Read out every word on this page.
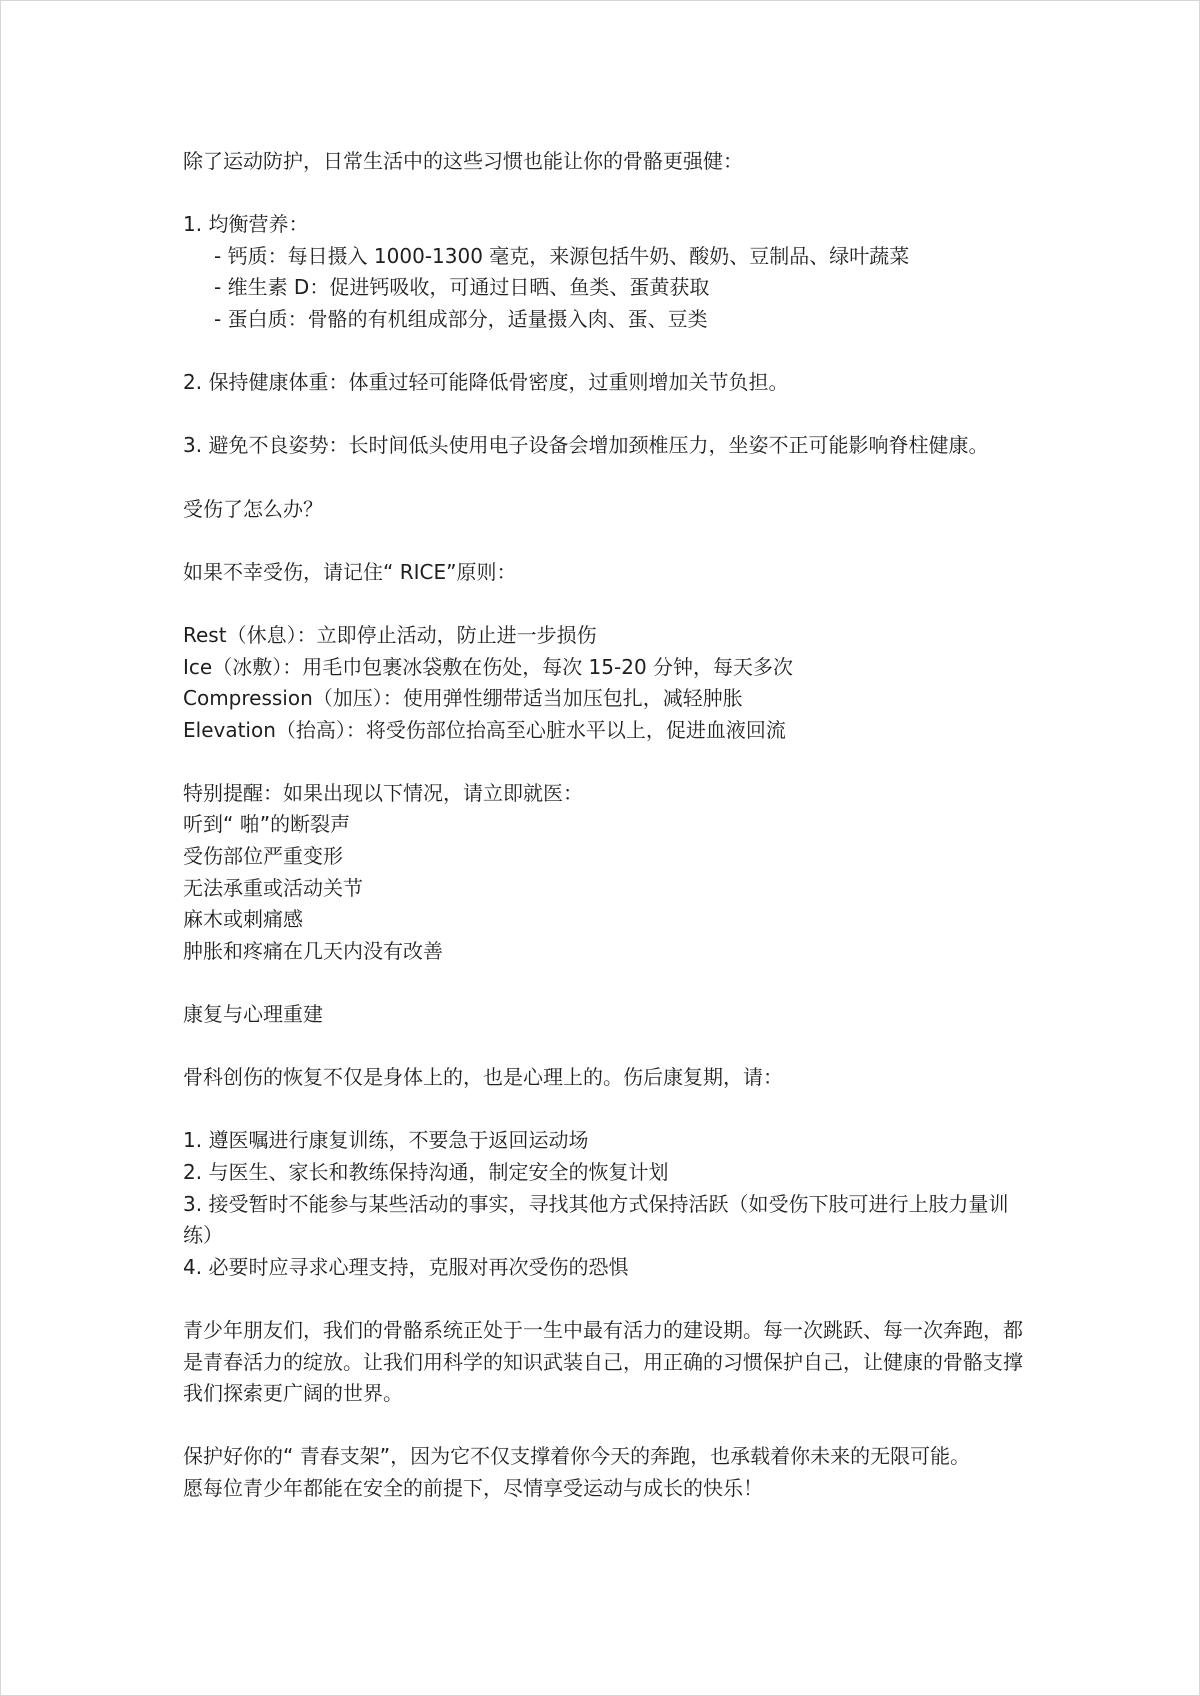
除了运动防护，日常生活中的这些习惯也能让你的骨骼更强健：
1. 均衡营养：
- 钙质：每日摄入 1000-1300 毫克，来源包括牛奶、酸奶、豆制品、绿叶蔬菜
- 维生素 D：促进钙吸收，可通过日晒、鱼类、蛋黄获取
- 蛋白质：骨骼的有机组成部分，适量摄入肉、蛋、豆类
2. 保持健康体重：体重过轻可能降低骨密度，过重则增加关节负担。
3. 避免不良姿势：长时间低头使用电子设备会增加颈椎压力，坐姿不正可能影响脊柱健康。
受伤了怎么办？
如果不幸受伤，请记住“ RICE”原则：
Rest（休息）：立即停止活动，防止进一步损伤
Ice（冰敷）：用毛巾包裹冰袋敷在伤处，每次 15-20 分钟，每天多次
Compression（加压）：使用弹性绷带适当加压包扎，减轻肿胀
Elevation（抬高）：将受伤部位抬高至心脏水平以上，促进血液回流
特别提醒：如果出现以下情况，请立即就医：
听到“ 啪”的断裂声
受伤部位严重变形
无法承重或活动关节
麻木或刺痛感
肿胀和疼痛在几天内没有改善
康复与心理重建
骨科创伤的恢复不仅是身体上的，也是心理上的。伤后康复期，请：
1. 遵医嘱进行康复训练，不要急于返回运动场
2. 与医生、家长和教练保持沟通，制定安全的恢复计划
3. 接受暂时不能参与某些活动的事实，寻找其他方式保持活跃（如受伤下肢可进行上肢力量训练）
4. 必要时应寻求心理支持，克服对再次受伤的恐惧
青少年朋友们，我们的骨骼系统正处于一生中最有活力的建设期。每一次跳跃、每一次奔跑，都是青春活力的绽放。让我们用科学的知识武装自己，用正确的习惯保护自己，让健康的骨骼支撑我们探索更广阔的世界。
保护好你的“ 青春支架”，因为它不仅支撑着你今天的奔跑，也承载着你未来的无限可能。
愿每位青少年都能在安全的前提下，尽情享受运动与成长的快乐！
